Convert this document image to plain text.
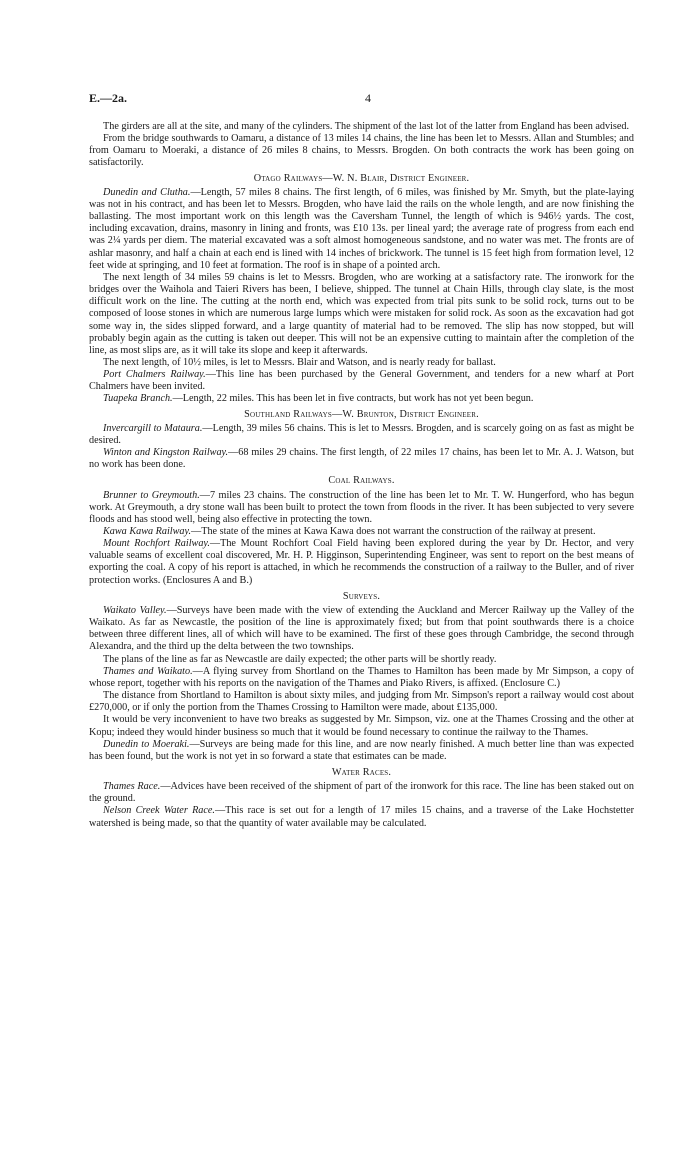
E.—2a.	4

The girders are all at the site, and many of the cylinders. The shipment of the last lot of the latter from England has been advised.

From the bridge southwards to Oamaru, a distance of 13 miles 14 chains, the line has been let to Messrs. Allan and Stumbles; and from Oamaru to Moeraki, a distance of 26 miles 8 chains, to Messrs. Brogden. On both contracts the work has been going on satisfactorily.

Otago Railways—W. N. Blair, District Engineer.

Dunedin and Clutha.—Length, 57 miles 8 chains. The first length, of 6 miles, was finished by Mr. Smyth, but the plate-laying was not in his contract, and has been let to Messrs. Brogden, who have laid the rails on the whole length, and are now finishing the ballasting. The most important work on this length was the Caversham Tunnel, the length of which is 946½ yards. The cost, including excavation, drains, masonry in lining and fronts, was £10 13s. per lineal yard; the average rate of progress from each end was 2¼ yards per diem. The material excavated was a soft almost homogeneous sandstone, and no water was met. The fronts are of ashlar masonry, and half a chain at each end is lined with 14 inches of brickwork. The tunnel is 15 feet high from formation level, 12 feet wide at springing, and 10 feet at formation. The roof is in shape of a pointed arch.

The next length of 34 miles 59 chains is let to Messrs. Brogden, who are working at a satisfactory rate. The ironwork for the bridges over the Waihola and Taieri Rivers has been, I believe, shipped. The tunnel at Chain Hills, through clay slate, is the most difficult work on the line. The cutting at the north end, which was expected from trial pits sunk to be solid rock, turns out to be composed of loose stones in which are numerous large lumps which were mistaken for solid rock. As soon as the excavation had got some way in, the sides slipped forward, and a large quantity of material had to be removed. The slip has now stopped, but will probably begin again as the cutting is taken out deeper. This will not be an expensive cutting to maintain after the completion of the line, as most slips are, as it will take its slope and keep it afterwards.

The next length, of 10½ miles, is let to Messrs. Blair and Watson, and is nearly ready for ballast.

Port Chalmers Railway.—This line has been purchased by the General Government, and tenders for a new wharf at Port Chalmers have been invited.

Tuapeka Branch.—Length, 22 miles. This has been let in five contracts, but work has not yet been begun.

Southland Railways—W. Brunton, District Engineer.

Invercargill to Mataura.—Length, 39 miles 56 chains. This is let to Messrs. Brogden, and is scarcely going on as fast as might be desired.

Winton and Kingston Railway.—68 miles 29 chains. The first length, of 22 miles 17 chains, has been let to Mr. A. J. Watson, but no work has been done.

Coal Railways.

Brunner to Greymouth.—7 miles 23 chains. The construction of the line has been let to Mr. T. W. Hungerford, who has begun work. At Greymouth, a dry stone wall has been built to protect the town from floods in the river. It has been subjected to very severe floods and has stood well, being also effective in protecting the town.

Kawa Kawa Railway.—The state of the mines at Kawa Kawa does not warrant the construction of the railway at present.

Mount Rochfort Railway.—The Mount Rochfort Coal Field having been explored during the year by Dr. Hector, and very valuable seams of excellent coal discovered, Mr. H. P. Higginson, Superintending Engineer, was sent to report on the best means of exporting the coal. A copy of his report is attached, in which he recommends the construction of a railway to the Buller, and of river protection works. (Enclosures A and B.)

Surveys.

Waikato Valley.—Surveys have been made with the view of extending the Auckland and Mercer Railway up the Valley of the Waikato. As far as Newcastle, the position of the line is approximately fixed; but from that point southwards there is a choice between three different lines, all of which will have to be examined. The first of these goes through Cambridge, the second through Alexandra, and the third up the delta between the two townships.

The plans of the line as far as Newcastle are daily expected; the other parts will be shortly ready.

Thames and Waikato.—A flying survey from Shortland on the Thames to Hamilton has been made by Mr Simpson, a copy of whose report, together with his reports on the navigation of the Thames and Piako Rivers, is affixed. (Enclosure C.)

The distance from Shortland to Hamilton is about sixty miles, and judging from Mr. Simpson's report a railway would cost about £270,000, or if only the portion from the Thames Crossing to Hamilton were made, about £135,000.

It would be very inconvenient to have two breaks as suggested by Mr. Simpson, viz. one at the Thames Crossing and the other at Kopu; indeed they would hinder business so much that it would be found necessary to continue the railway to the Thames.

Dunedin to Moeraki.—Surveys are being made for this line, and are now nearly finished. A much better line than was expected has been found, but the work is not yet in so forward a state that estimates can be made.

Water Races.

Thames Race.—Advices have been received of the shipment of part of the ironwork for this race. The line has been staked out on the ground.

Nelson Creek Water Race.—This race is set out for a length of 17 miles 15 chains, and a traverse of the Lake Hochstetter watershed is being made, so that the quantity of water available may be calculated.
